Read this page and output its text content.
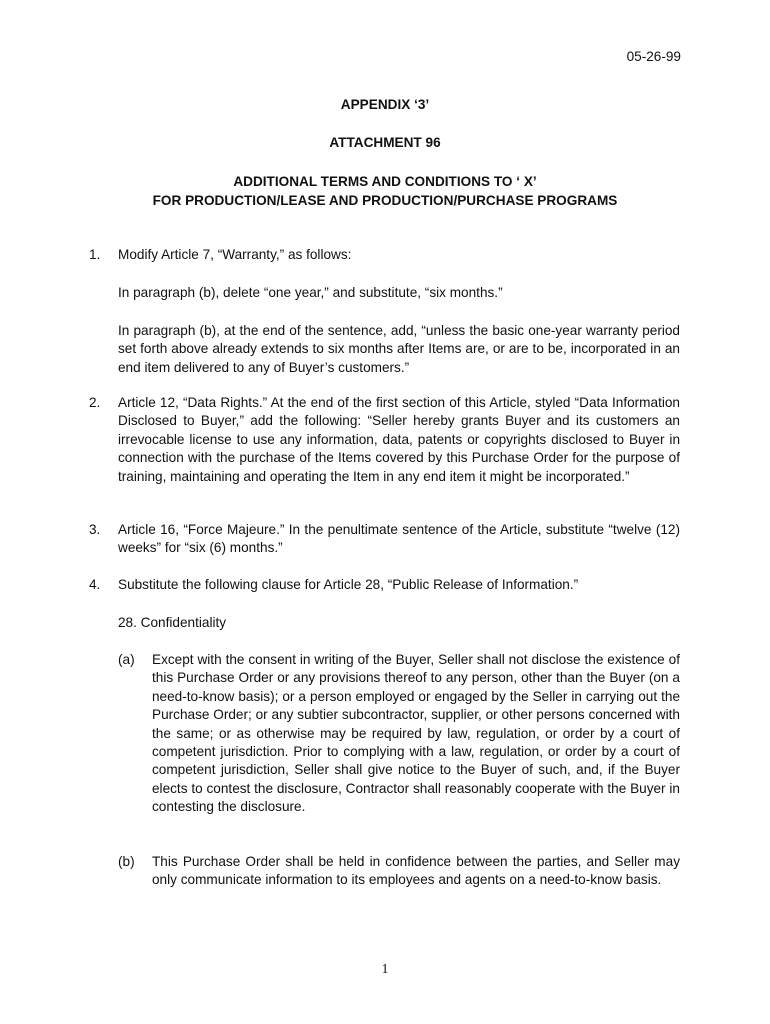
05-26-99
APPENDIX ‘3’
ATTACHMENT 96
ADDITIONAL TERMS AND CONDITIONS TO ‘ X’
FOR PRODUCTION/LEASE AND PRODUCTION/PURCHASE PROGRAMS
1. Modify Article 7, “Warranty,” as follows:
In paragraph (b), delete “one year,” and substitute, “six months.”
In paragraph (b), at the end of the sentence, add, “unless the basic one-year warranty period set forth above already extends to six months after Items are, or are to be, incorporated in an end item delivered to any of Buyer’s customers.”
2. Article 12, “Data Rights.” At the end of the first section of this Article, styled “Data Information Disclosed to Buyer,” add the following: “Seller hereby grants Buyer and its customers an irrevocable license to use any information, data, patents or copyrights disclosed to Buyer in connection with the purchase of the Items covered by this Purchase Order for the purpose of training, maintaining and operating the Item in any end item it might be incorporated.”
3. Article 16, “Force Majeure.” In the penultimate sentence of the Article, substitute “twelve (12) weeks” for “six (6) months.”
4. Substitute the following clause for Article 28, “Public Release of Information.”
28. Confidentiality
(a) Except with the consent in writing of the Buyer, Seller shall not disclose the existence of this Purchase Order or any provisions thereof to any person, other than the Buyer (on a need-to-know basis); or a person employed or engaged by the Seller in carrying out the Purchase Order; or any subtier subcontractor, supplier, or other persons concerned with the same; or as otherwise may be required by law, regulation, or order by a court of competent jurisdiction. Prior to complying with a law, regulation, or order by a court of competent jurisdiction, Seller shall give notice to the Buyer of such, and, if the Buyer elects to contest the disclosure, Contractor shall reasonably cooperate with the Buyer in contesting the disclosure.
(b) This Purchase Order shall be held in confidence between the parties, and Seller may only communicate information to its employees and agents on a need-to-know basis.
1
